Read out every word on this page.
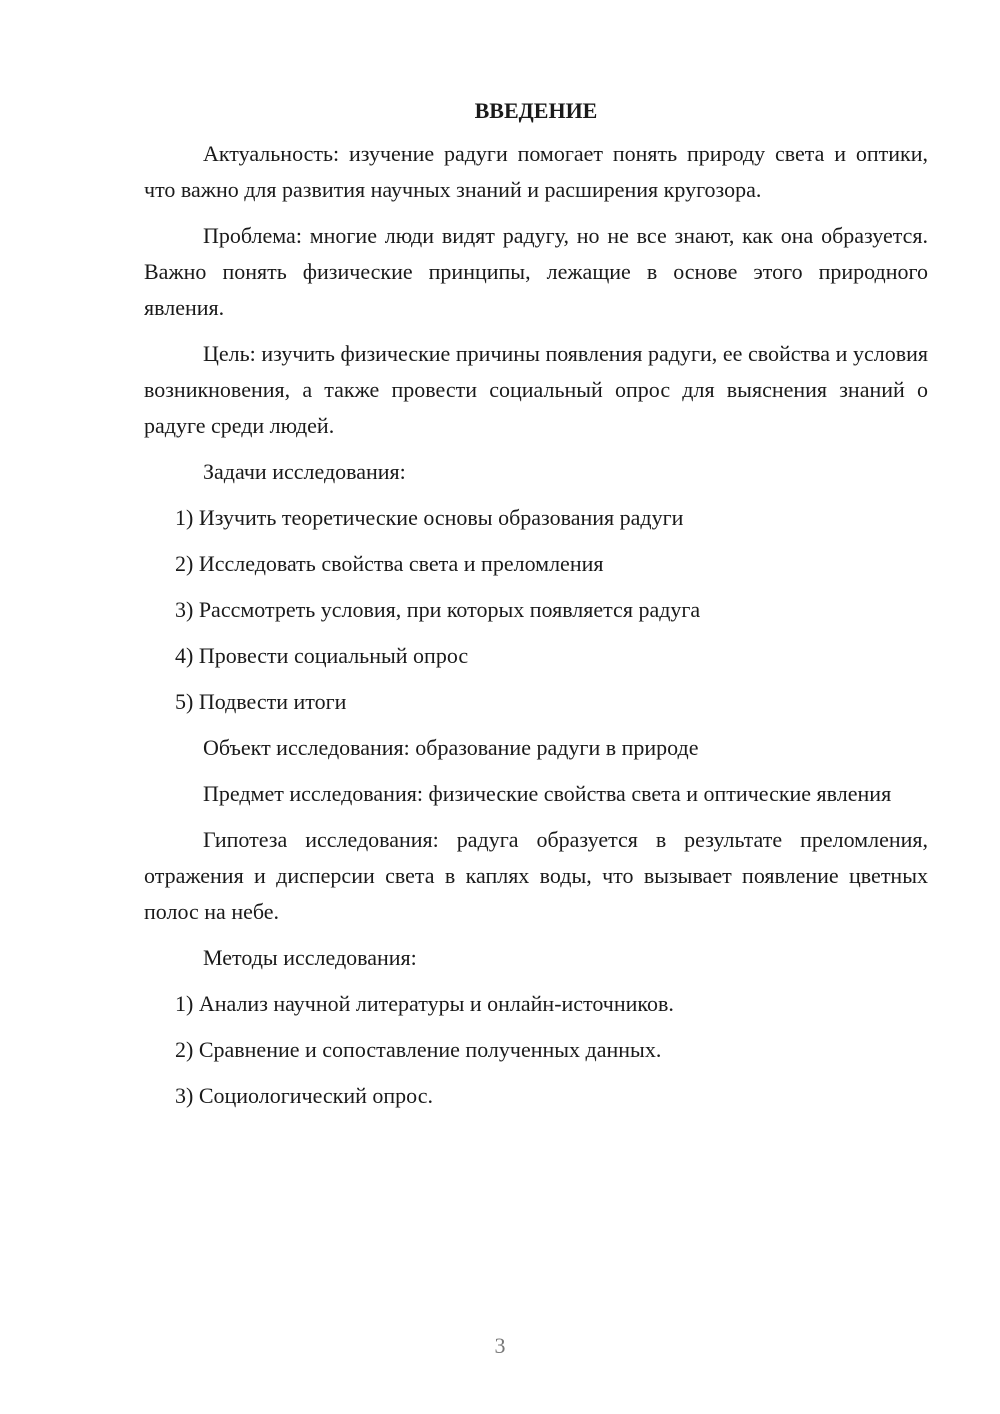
ВВЕДЕНИЕ

Актуальность: изучение радуги помогает понять природу света и оптики, что важно для развития научных знаний и расширения кругозора.

Проблема: многие люди видят радугу, но не все знают, как она образуется. Важно понять физические принципы, лежащие в основе этого природного явления.

Цель: изучить физические причины появления радуги, ее свойства и условия возникновения, а также провести социальный опрос для выяснения знаний о радуге среди людей.

Задачи исследования:

1) Изучить теоретические основы образования радуги
2) Исследовать свойства света и преломления
3) Рассмотреть условия, при которых появляется радуга
4) Провести социальный опрос
5) Подвести итоги

Объект исследования: образование радуги в природе

Предмет исследования: физические свойства света и оптические явления

Гипотеза исследования: радуга образуется в результате преломления, отражения и дисперсии света в каплях воды, что вызывает появление цветных полос на небе.

Методы исследования:

1) Анализ научной литературы и онлайн-источников.
2) Сравнение и сопоставление полученных данных.
3) Социологический опрос.
3
